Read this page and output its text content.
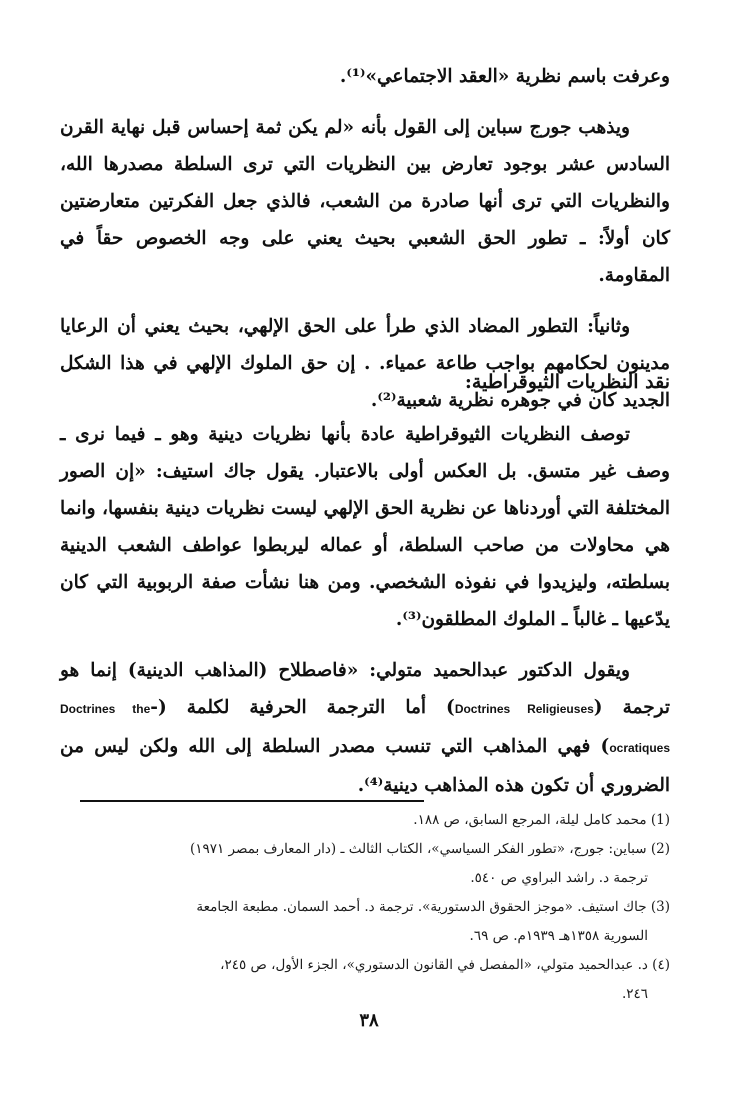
وعرفت باسم نظرية «العقد الاجتماعي»⁽¹⁾.

ويذهب جورج سباين إلى القول بأنه «لم يكن ثمة إحساس قبل نهاية القرن السادس عشر بوجود تعارض بين النظريات التي ترى السلطة مصدرها الله، والنظريات التي ترى أنها صادرة من الشعب، فالذي جعل الفكرتين متعارضتين كان أولاً: ـ تطور الحق الشعبي بحيث يعني على وجه الخصوص حقاً في المقاومة.

وثانياً: التطور المضاد الذي طرأ على الحق الإلهي، بحيث يعني أن الرعايا مدينون لحكامهم بواجب طاعة عمياء. . إن حق الملوك الإلهي في هذا الشكل الجديد كان في جوهره نظرية شعبية⁽²⁾.

نقد النظريات الثيوقراطية:

توصف النظريات الثيوقراطية عادة بأنها نظريات دينية وهو ـ فيما نرى ـ وصف غير متسق. بل العكس أولى بالاعتبار. يقول جاك استيف: «إن الصور المختلفة التي أوردناها عن نظرية الحق الإلهي ليست نظريات دينية بنفسها، وانما هي محاولات من صاحب السلطة، أو عماله ليربطوا عواطف الشعب الدينية بسلطته، وليزيدوا في نفوذه الشخصي. ومن هنا نشأت صفة الربوبية التي كان يدّعيها ـ غالباً ـ الملوك المطلقون⁽³⁾.

ويقول الدكتور عبدالحميد متولي: «فاصطلاح (المذاهب الدينية) إنما هو
ترجمة (Doctrines Religieuses) أما الترجمة الحرفية لكلمة (-Doctrines the
ocratiques) فهي المذاهب التي تنسب مصدر السلطة إلى الله ولكن ليس من الضروري أن تكون هذه المذاهب دينية⁽⁴⁾.

(1) محمد كامل ليلة، المرجع السابق، ص ١٨٨.

(2) سباين: جورج، «تطور الفكر السياسي»، الكتاب الثالث ـ (دار المعارف بمصر ١٩٧١)

ترجمة د. راشد البراوي ص ٥٤٠.

(3) جاك استيف. «موجز الحقوق الدستورية». ترجمة د. أحمد السمان. مطبعة الجامعة

السورية ١٣٥٨هـ ١٩٣٩م. ص ٦٩.

(٤) د. عبدالحميد متولي، «المفصل في القانون الدستوري»، الجزء الأول، ص ٢٤٥،

٢٤٦.

٣٨
